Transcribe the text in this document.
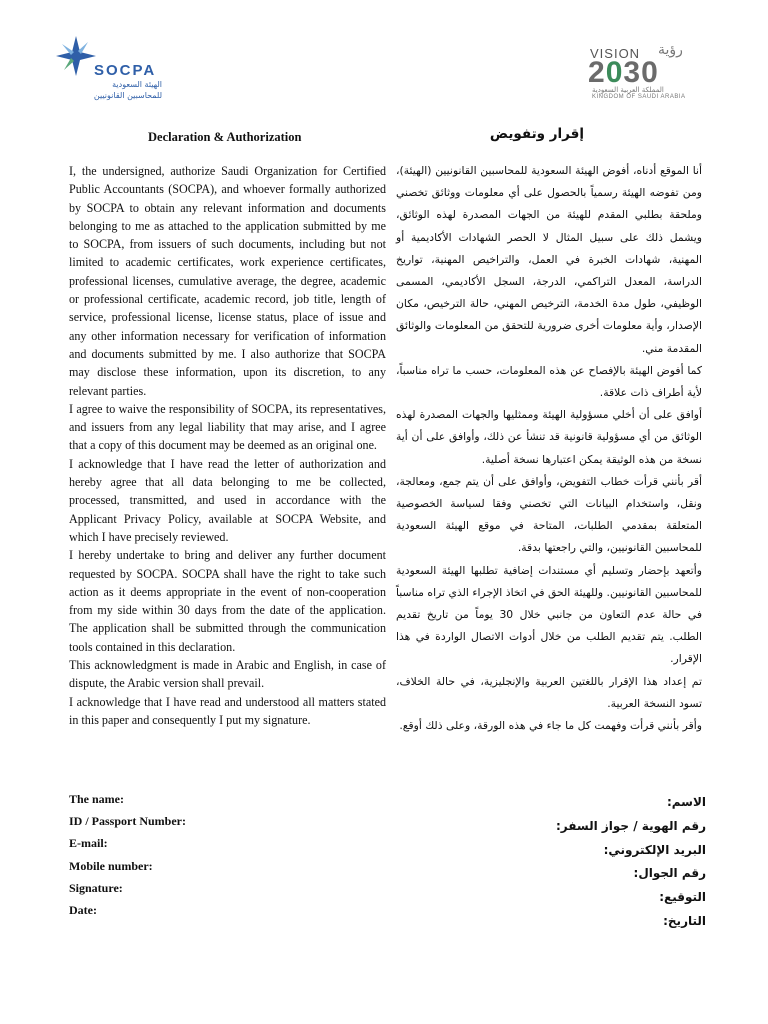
SOCPA
الهيئة السعودية
للمحاسبين القانونيين
VISION رؤية
2030
المملكة العربية السعودية
KINGDOM OF SAUDI ARABIA
Declaration & Authorization	إقرار وتفويض

I, the undersigned, authorize Saudi Organization for Certified Public Accountants (SOCPA), and whoever formally authorized by SOCPA to obtain any relevant information and documents belonging to me as attached to the application submitted by me to SOCPA, from issuers of such documents, including but not limited to academic certificates, work experience certificates, professional licenses, cumulative average, the degree, academic or professional certificate, academic record, job title, length of service, professional license, license status, place of issue and any other information necessary for verification of information and documents submitted by me. I also authorize that SOCPA may disclose these information, upon its discretion, to any relevant parties.

I agree to waive the responsibility of SOCPA, its representatives, and issuers from any legal liability that may arise, and I agree that a copy of this document may be deemed as an original one.

I acknowledge that I have read the letter of authorization and hereby agree that all data belonging to me be collected, processed, transmitted, and used in accordance with the Applicant Privacy Policy, available at SOCPA Website, and which I have precisely reviewed.

I hereby undertake to bring and deliver any further document requested by SOCPA. SOCPA shall have the right to take such action as it deems appropriate in the event of non-cooperation from my side within 30 days from the date of the application. The application shall be submitted through the communication tools contained in this declaration.

This acknowledgment is made in Arabic and English, in case of dispute, the Arabic version shall prevail.

I acknowledge that I have read and understood all matters stated in this paper and consequently I put my signature.

أنا الموقع أدناه، أفوض الهيئة السعودية للمحاسبين القانونيين (الهيئة)، ومن تفوضه الهيئة رسمياً بالحصول على أي معلومات ووثائق تخصني وملحقة بطلبي المقدم للهيئة من الجهات المصدرة لهذه الوثائق، ويشمل ذلك على سبيل المثال لا الحصر الشهادات الأكاديمية أو المهنية، شهادات الخبرة في العمل، والتراخيص المهنية، تواريخ الدراسة، المعدل التراكمي، الدرجة، السجل الأكاديمي، المسمى الوظيفي، طول مدة الخدمة، الترخيص المهني، حالة الترخيص، مكان الإصدار، وأية معلومات أخرى ضرورية للتحقق من المعلومات والوثائق المقدمة مني.

كما أفوض الهيئة بالإفصاح عن هذه المعلومات، حسب ما تراه مناسباً، لأية أطراف ذات علاقة.

أوافق على أن أخلي مسؤولية الهيئة وممثليها والجهات المصدرة لهذه الوثائق من أي مسؤولية قانونية قد تنشأ عن ذلك، وأوافق على أن أية نسخة من هذه الوثيقة يمكن اعتبارها نسخة أصلية.

أقر بأنني قرأت خطاب التفويض، وأوافق على أن يتم جمع، ومعالجة، ونقل، واستخدام البيانات التي تخصني وفقا لسياسة الخصوصية المتعلقة بمقدمي الطلبات، المتاحة في موقع الهيئة السعودية للمحاسبين القانونيين، والتي راجعتها بدقة.

وأتعهد بإحضار وتسليم أي مستندات إضافية تطلبها الهيئة السعودية للمحاسبين القانونيين. وللهيئة الحق في اتخاذ الإجراء الذي تراه مناسباً في حالة عدم التعاون من جانبي خلال 30 يوماً من تاريخ تقديم الطلب. يتم تقديم الطلب من خلال أدوات الاتصال الواردة في هذا الإقرار.

تم إعداد هذا الإقرار باللغتين العربية والإنجليزية، في حالة الخلاف، تسود النسخة العربية.

وأقر بأنني قرأت وفهمت كل ما جاء في هذه الورقة، وعلى ذلك أوقع.

The name:
ID / Passport Number:
E-mail:
Mobile number:
Signature:
Date:
الاسم:
رقم الهوية / جواز السفر:
البريد الإلكتروني:
رقم الجوال:
التوقيع:
التاريخ:
